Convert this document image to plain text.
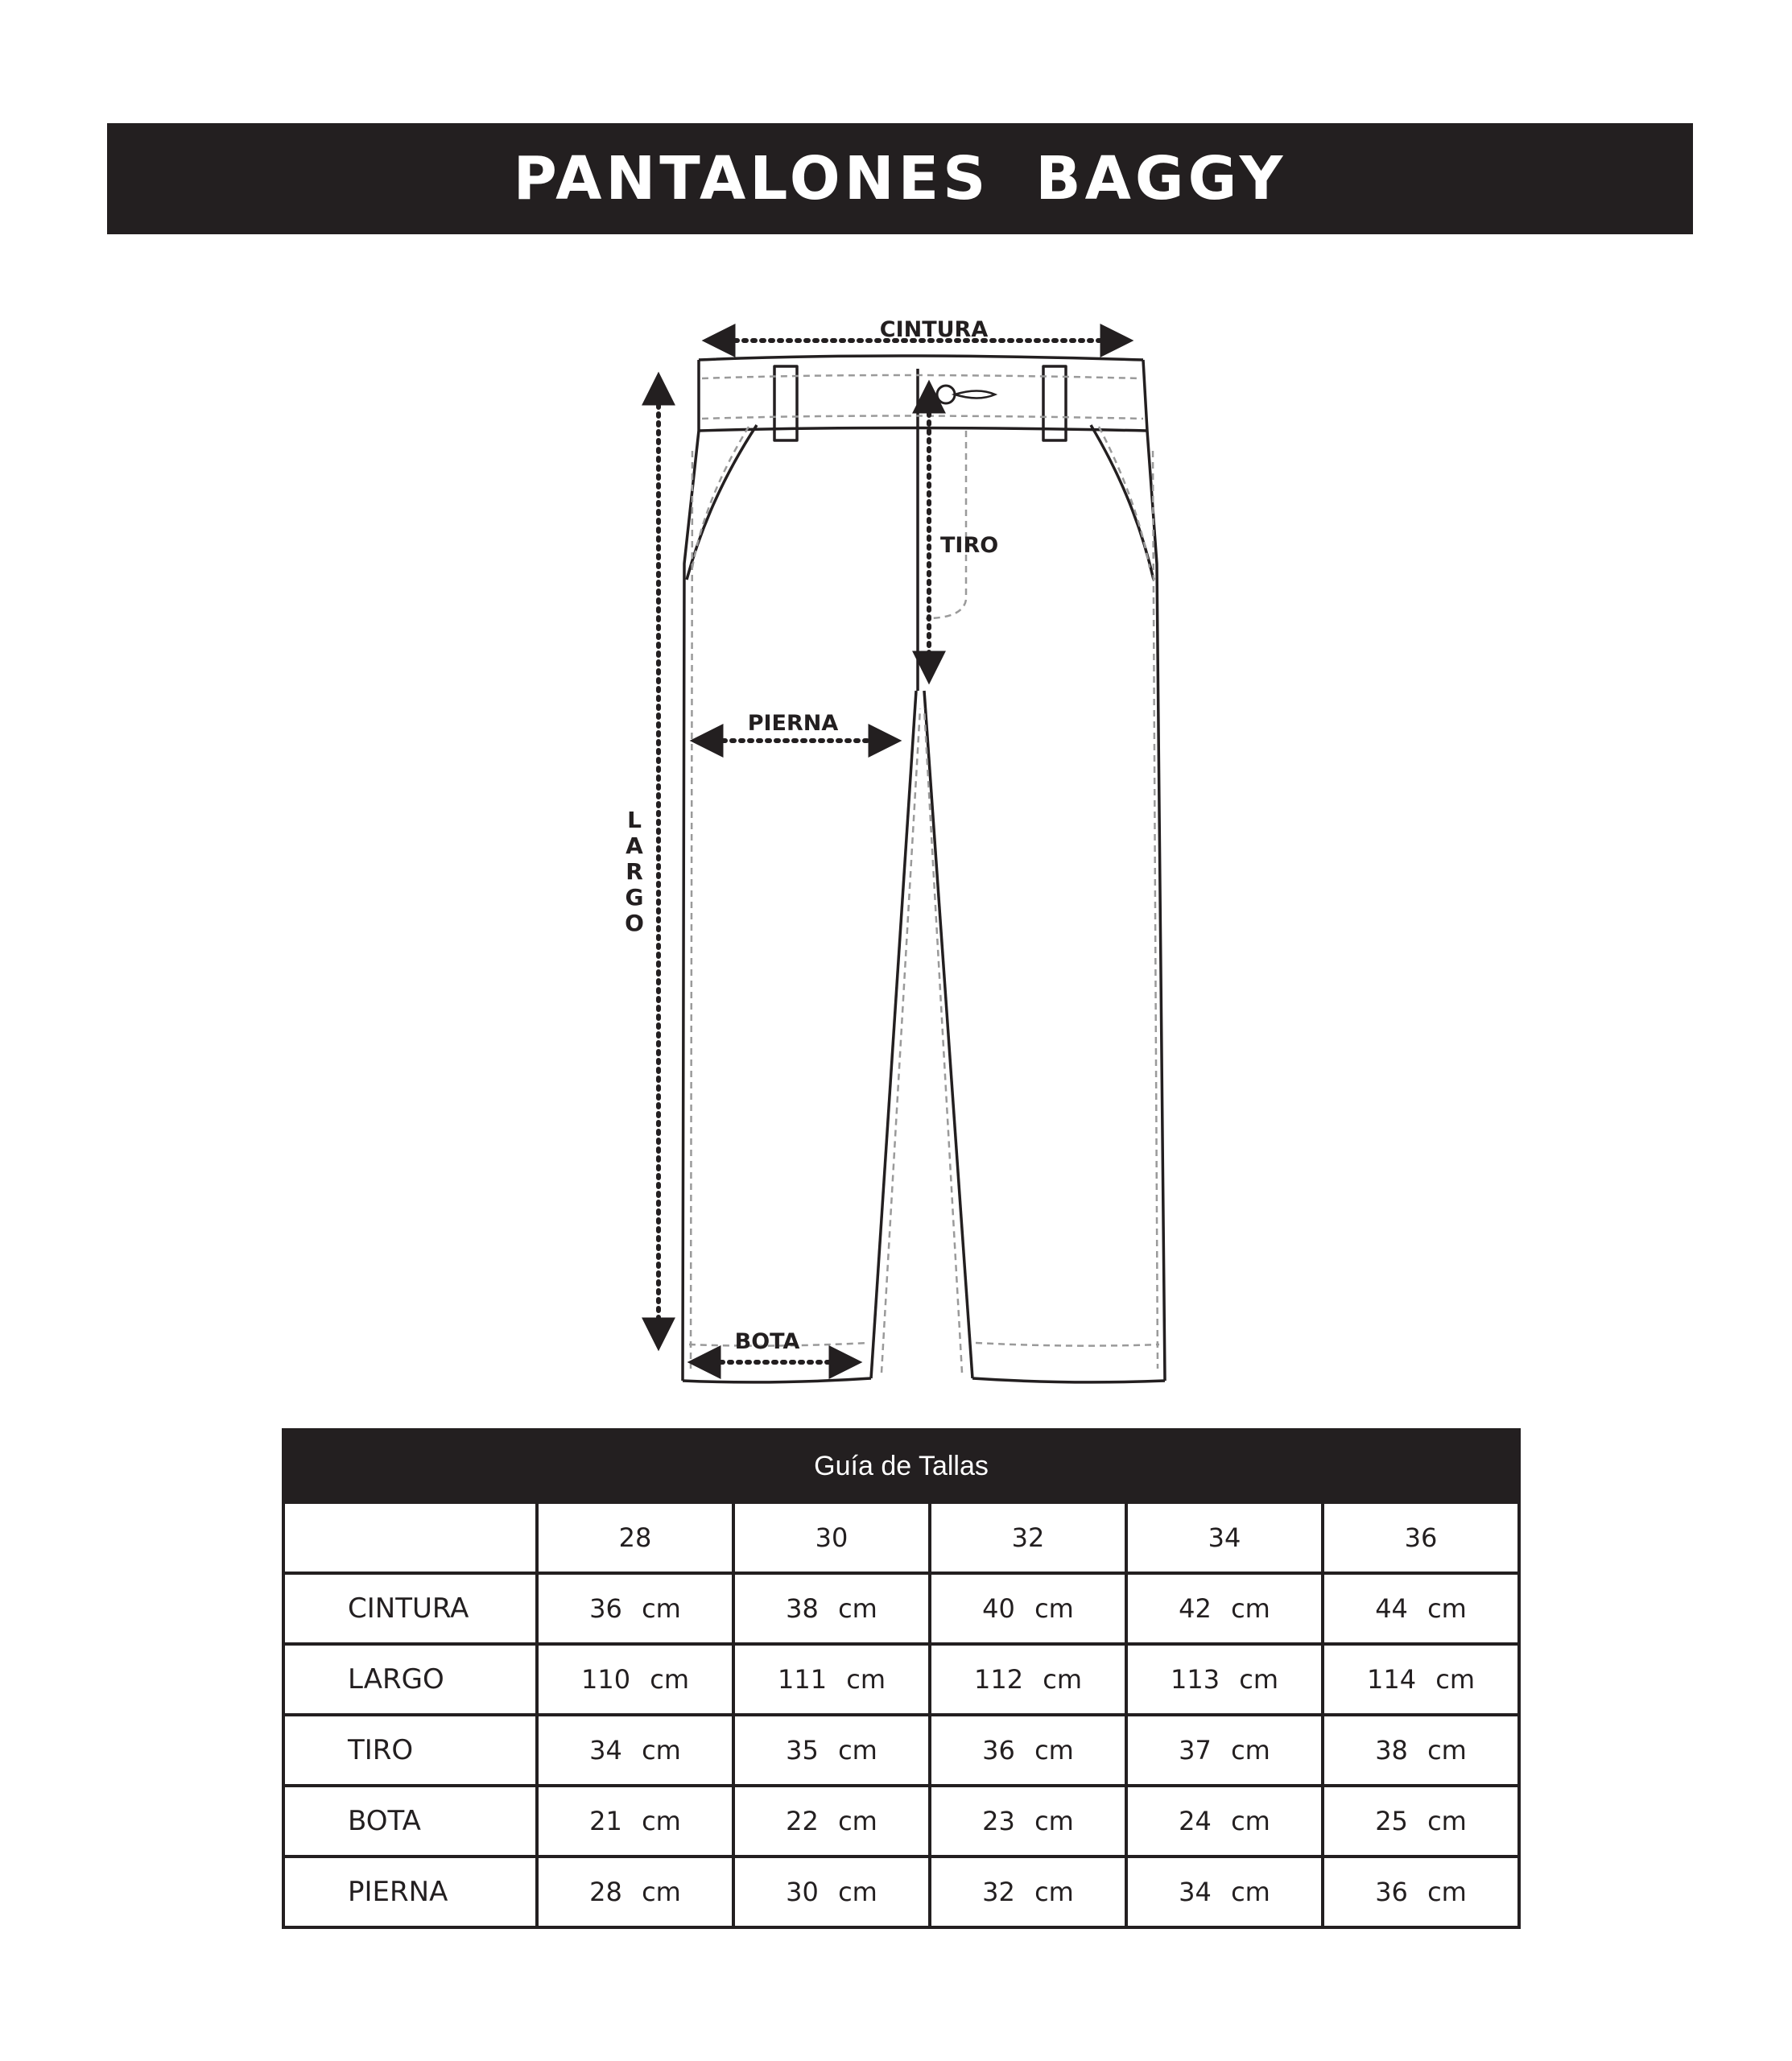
PANTALONES BAGGY
CINTURA
TIRO
PIERNA
BOTA
L A R G O
Guía de Tallas					
	28	30	32	34	36
CINTURA	36 cm	38 cm	40 cm	42 cm	44 cm
LARGO	110 cm	111 cm	112 cm	113 cm	114 cm
TIRO	34 cm	35 cm	36 cm	37 cm	38 cm
BOTA	21 cm	22 cm	23 cm	24 cm	25 cm
PIERNA	28 cm	30 cm	32 cm	34 cm	36 cm
